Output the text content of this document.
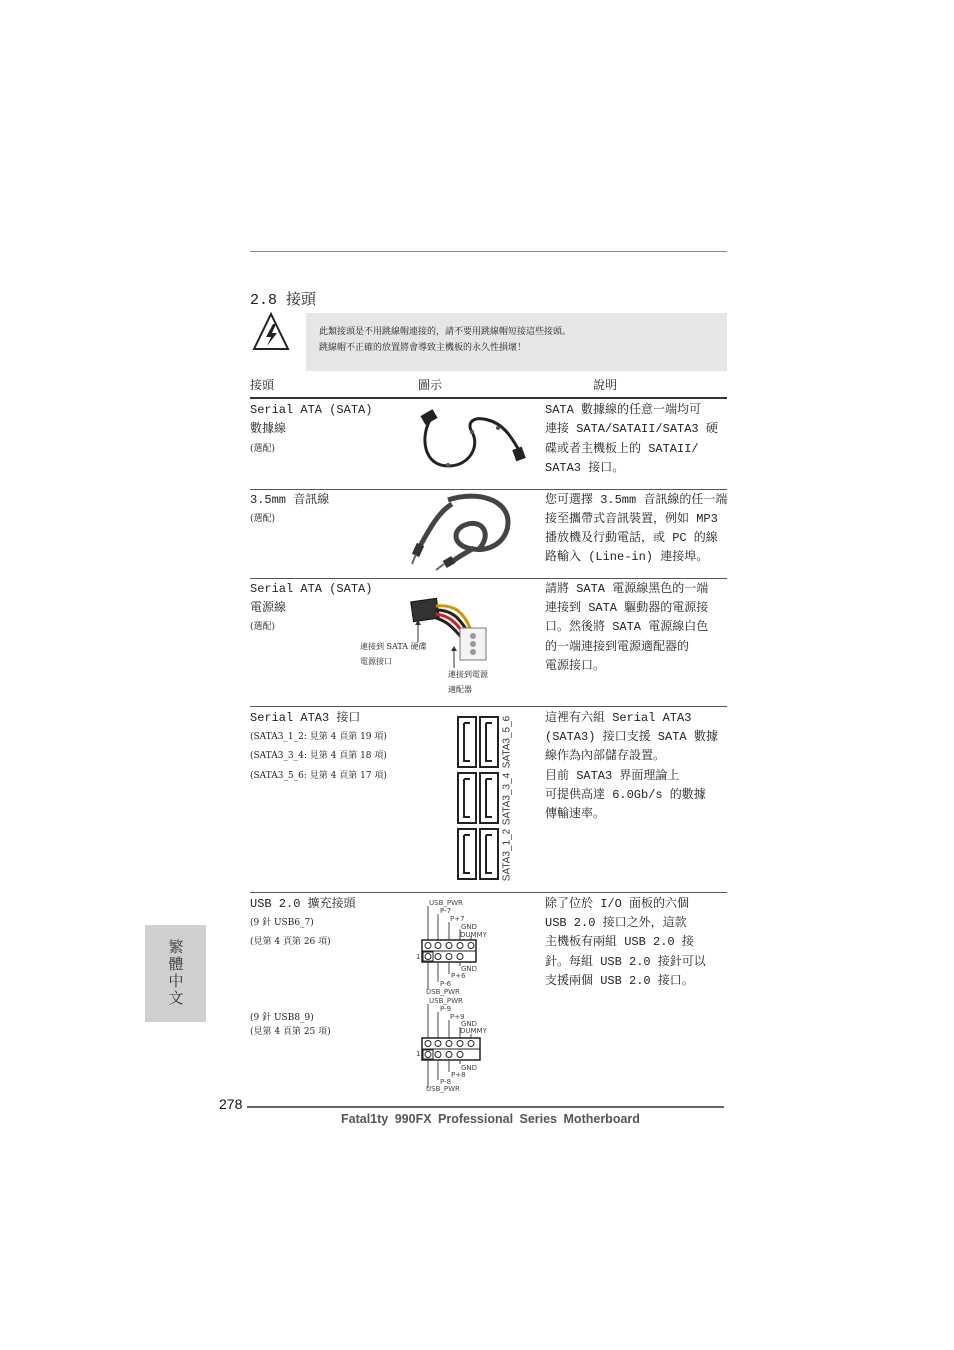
2.8 接頭
此類接頭是不用跳線帽連接的，請不要用跳線帽短接這些接頭。
跳線帽不正確的放置將會導致主機板的永久性損壞！
接頭	圖示	說明
Serial ATA (SATA)
數據線
(選配)
SATA 數據線的任意一端均可
連接 SATA/SATAII/SATA3 硬
碟或者主機板上的 SATAII/
SATA3 接口。
3.5mm 音訊線
(選配)
您可選擇 3.5mm 音訊線的任一端
接至攜帶式音訊裝置，例如 MP3
播放機及行動電話，或 PC 的線
路輸入 (Line-in) 連接埠。
Serial ATA (SATA)
電源線
(選配)
連接到 SATA 硬碟
電源接口
連接到電源
適配器
請將 SATA 電源線黑色的一端
連接到 SATA 驅動器的電源接
口。然後將 SATA 電源線白色
的一端連接到電源適配器的
電源接口。
Serial ATA3 接口
(SATA3_1_2: 見第 4 頁第 19 項)
(SATA3_3_4: 見第 4 頁第 18 項)
(SATA3_5_6: 見第 4 頁第 17 項)
SATA3_5_6
SATA3_3_4
SATA3_1_2
這裡有六組 Serial ATA3
(SATA3) 接口支援 SATA 數據
線作為內部儲存設置。
目前 SATA3 界面理論上
可提供高達 6.0Gb/s 的數據
傳輸速率。
USB 2.0 擴充接頭
(9 針 USB6_7)
(見第 4 頁第 26 項)
(9 針 USB8_9)
(見第 4 頁第 25 項)
USB_PWR
P-7
P+7
GND
DUMMY
GND
P+6
P-6
USB_PWR
1
USB_PWR
P-9
P+9
GND
DUMMY
GND
P+8
P-8
USB_PWR
1
除了位於 I/O 面板的六個
USB 2.0 接口之外，這款
主機板有兩組 USB 2.0 接
針。每組 USB 2.0 接針可以
支援兩個 USB 2.0 接口。
繁
體
中
文
278
Fatal1ty 990FX Professional Series Motherboard
